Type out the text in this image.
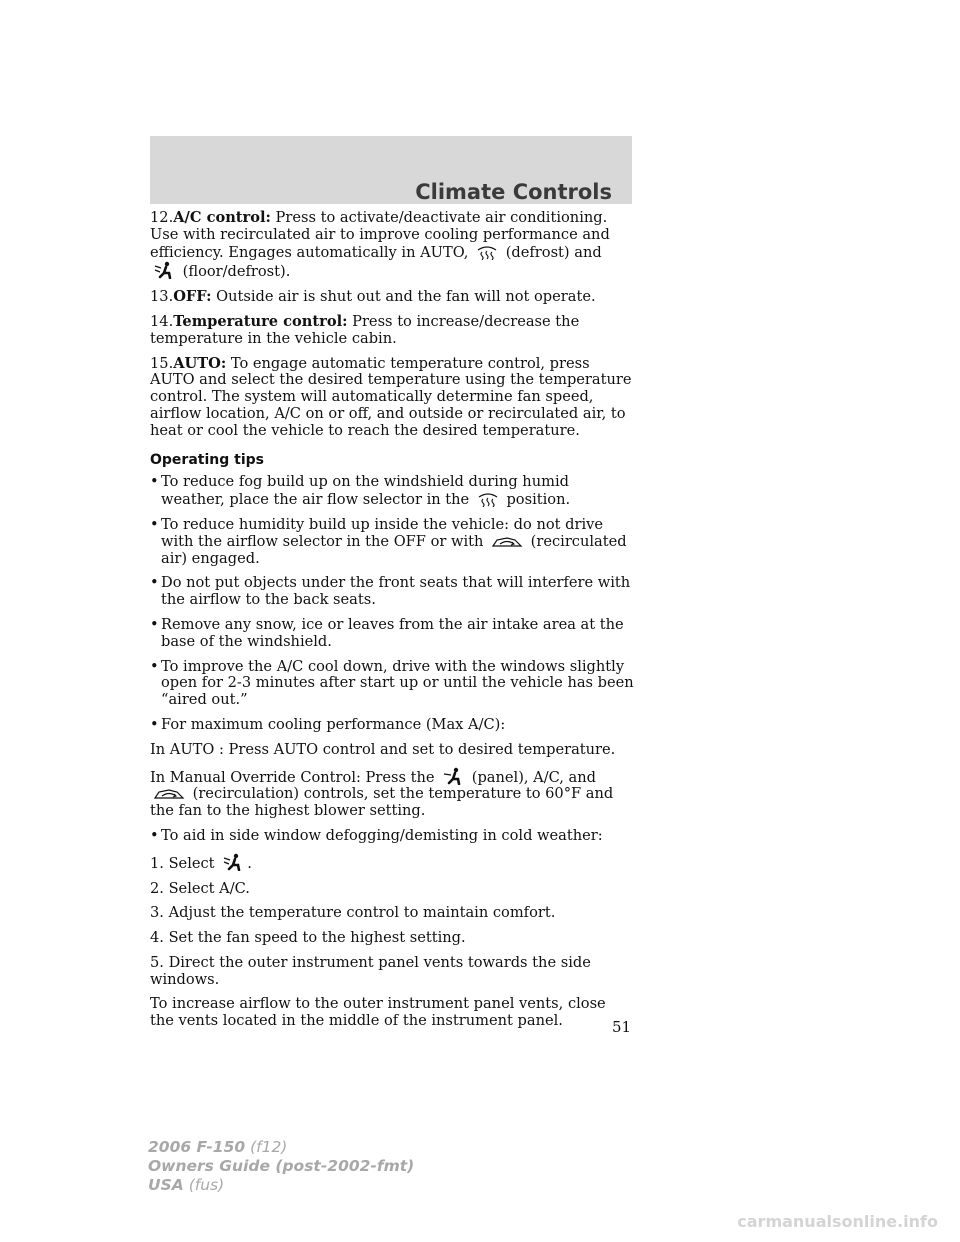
Climate Controls

12.A/C control: Press to activate/deactivate air conditioning. Use with recirculated air to improve cooling performance and efficiency. Engages automatically in AUTO,  (defrost) and  (floor/defrost).

13.OFF: Outside air is shut out and the fan will not operate.

14.Temperature control: Press to increase/decrease the temperature in the vehicle cabin.

15.AUTO: To engage automatic temperature control, press AUTO and select the desired temperature using the temperature control. The system will automatically determine fan speed, airflow location, A/C on or off, and outside or recirculated air, to heat or cool the vehicle to reach the desired temperature.

Operating tips
• To reduce fog build up on the windshield during humid weather, place the air flow selector in the  position.
• To reduce humidity build up inside the vehicle: do not drive with the airflow selector in the OFF or with	(recirculated air) engaged.
• Do not put objects under the front seats that will interfere with the airflow to the back seats.
• Remove any snow, ice or leaves from the air intake area at the base of the windshield.
• To improve the A/C cool down, drive with the windows slightly open for 2-3 minutes after start up or until the vehicle has been “aired out.”
• For maximum cooling performance (Max A/C):

In AUTO : Press AUTO control and set to desired temperature.

In Manual Override Control: Press the  (panel), A/C, and  (recirculation) controls, set the temperature to 60°F and the fan to the highest blower setting.

• To aid in side window defogging/demisting in cold weather:

1. Select .

2. Select A/C.

3. Adjust the temperature control to maintain comfort.

4. Set the fan speed to the highest setting.

5. Direct the outer instrument panel vents towards the side windows.

To increase airflow to the outer instrument panel vents, close the vents located in the middle of the instrument panel.	51
2006 F-150 (f12)
Owners Guide (post-2002-fmt)
USA (fus)
carmanualsonline.info
